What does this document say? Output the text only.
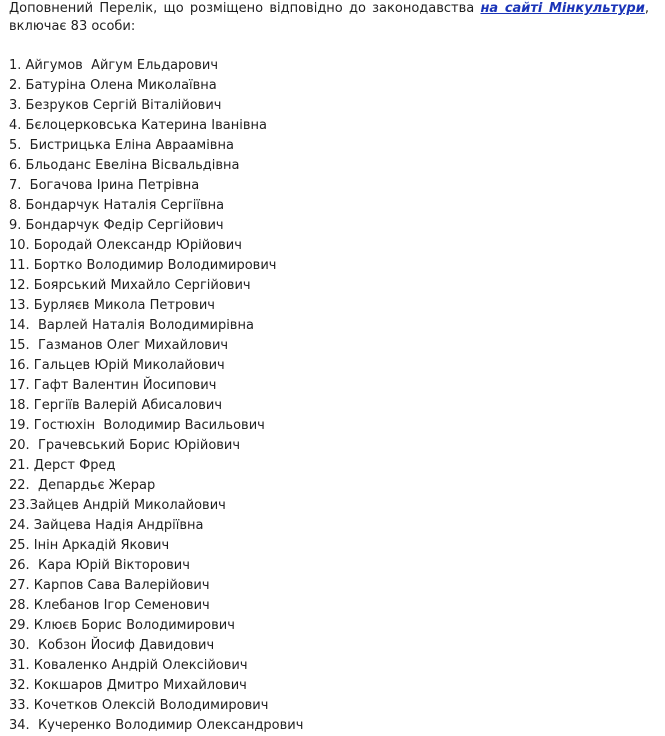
Доповнений Перелік, що розміщено відповідно до законодавства на сайті Мінкультури, включає 83 особи:

1. Айгумов  Айгум Ельдарович
2. Батуріна Олена Миколаївна
3. Безруков Сергій Віталійович
4. Бєлоцерковська Катерина Іванівна
5.  Бистрицька Еліна Авраамівна
6. Бльоданс Евеліна Вісвальдівна
7.  Богачова Ірина Петрівна
8. Бондарчук Наталія Сергіївна
9. Бондарчук Федір Сергійович
10. Бородай Олександр Юрійович
11. Бортко Володимир Володимирович
12. Боярський Михайло Сергійович
13. Бурляєв Микола Петрович
14.  Варлей Наталія Володимирівна
15.  Газманов Олег Михайлович
16. Гальцев Юрій Миколайович
17. Гафт Валентин Йосипович
18. Гергіїв Валерій Абисалович
19. Гостюхін  Володимир Васильович
20.  Грачевський Борис Юрійович
21. Дерст Фред
22.  Депардьє Жерар
23.Зайцев Андрій Миколайович
24. Зайцева Надія Андріївна
25. Інін Аркадій Якович
26.  Кара Юрій Вікторович
27. Карпов Сава Валерійович
28. Клебанов Ігор Семенович
29. Клюєв Борис Володимирович
30.  Кобзон Йосиф Давидович
31. Коваленко Андрій Олексійович
32. Кокшаров Дмитро Михайлович
33. Кочетков Олексій Володимирович
34.  Кучеренко Володимир Олександрович
